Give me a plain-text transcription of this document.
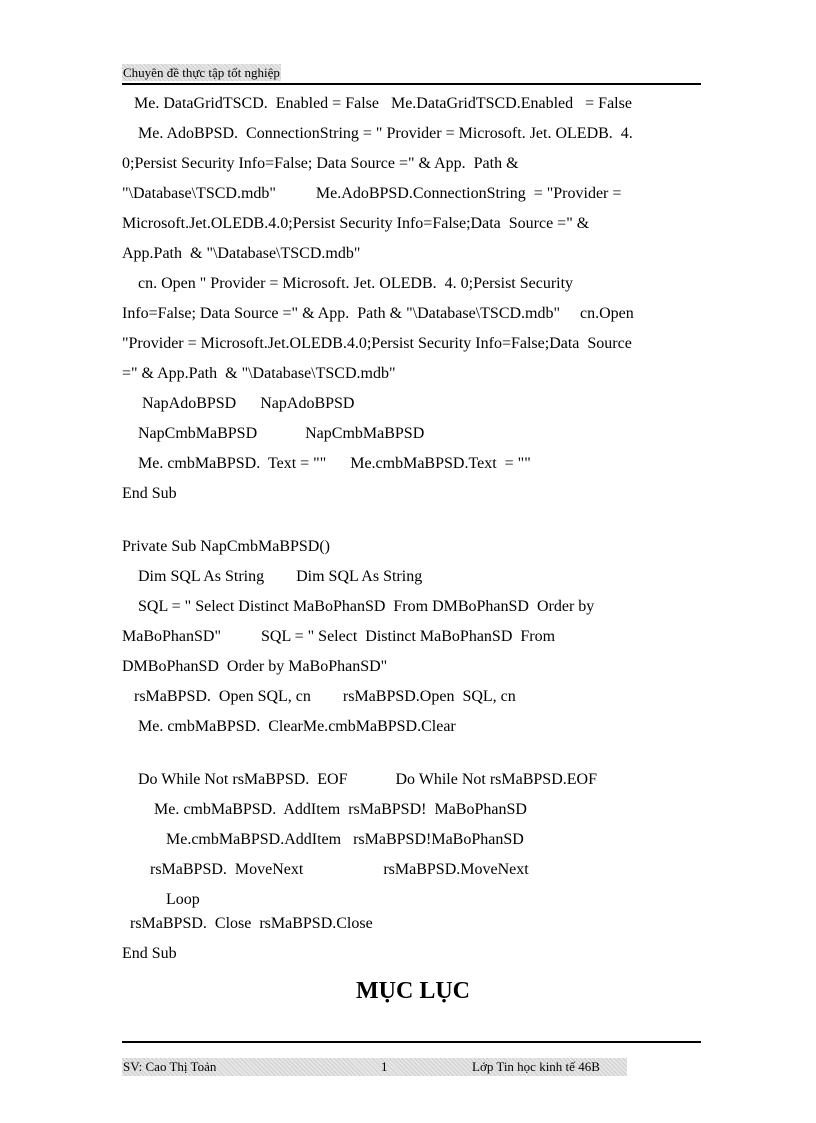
Chuyên đề thực tập tốt nghiệp
Me. DataGridTSCD.  Enabled = False   Me.DataGridTSCD.Enabled   = False
Me. AdoBPSD.  ConnectionString = " Provider = Microsoft. Jet. OLEDB.  4.
0;Persist Security Info=False; Data Source =" & App.  Path &
"\Database\TSCD.mdb"          Me.AdoBPSD.ConnectionString  = "Provider =
Microsoft.Jet.OLEDB.4.0;Persist Security Info=False;Data  Source =" &
App.Path  & "\Database\TSCD.mdb"
cn. Open " Provider = Microsoft. Jet. OLEDB.  4. 0;Persist Security
Info=False; Data Source =" & App.  Path & "\Database\TSCD.mdb"     cn.Open
"Provider = Microsoft.Jet.OLEDB.4.0;Persist Security Info=False;Data  Source
=" & App.Path  & "\Database\TSCD.mdb"
NapAdoBPSD      NapAdoBPSD
NapCmbMaBPSD            NapCmbMaBPSD
Me. cmbMaBPSD.  Text = ""      Me.cmbMaBPSD.Text  = ""
End Sub
Private Sub NapCmbMaBPSD()
Dim SQL As String        Dim SQL As String
SQL = " Select Distinct MaBoPhanSD  From DMBoPhanSD  Order by
MaBoPhanSD"          SQL = " Select  Distinct MaBoPhanSD  From
DMBoPhanSD  Order by MaBoPhanSD"
rsMaBPSD.  Open SQL, cn        rsMaBPSD.Open  SQL, cn
Me. cmbMaBPSD.  ClearMe.cmbMaBPSD.Clear
Do While Not rsMaBPSD.  EOF            Do While Not rsMaBPSD.EOF
Me. cmbMaBPSD.  AddItem  rsMaBPSD!  MaBoPhanSD
Me.cmbMaBPSD.AddItem   rsMaBPSD!MaBoPhanSD
rsMaBPSD.  MoveNext                    rsMaBPSD.MoveNext
Loop
rsMaBPSD.  Close  rsMaBPSD.Close
End Sub
MỤC LỤC
SV: Cao Thị Toản	1	Lớp Tin học kinh tế 46B
